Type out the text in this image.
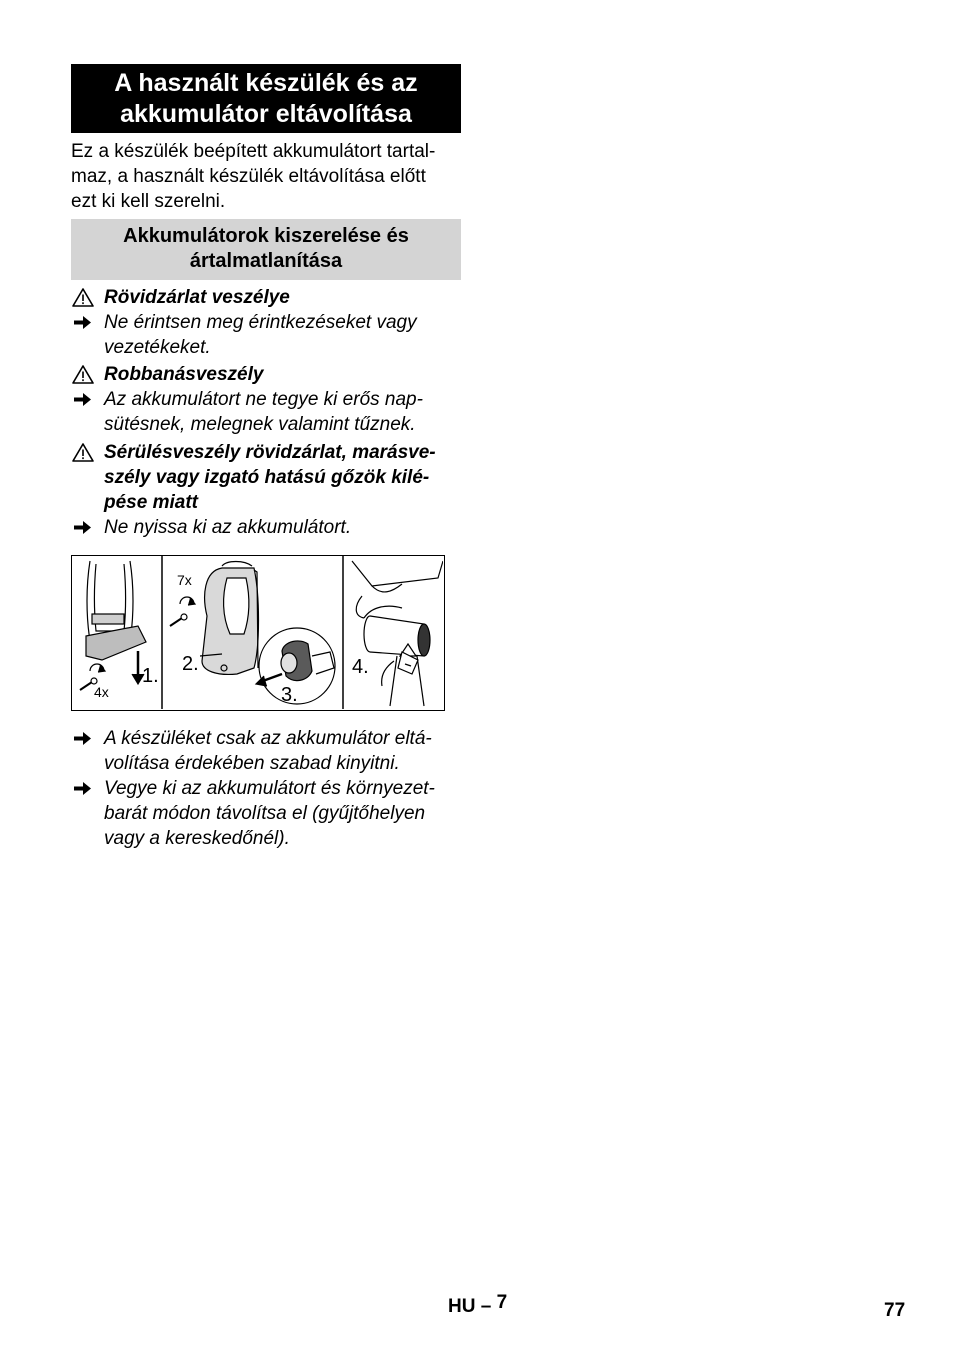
A használt készülék és az
akkumulátor eltávolítása
Ez a készülék beépített akkumulátort tartal-
maz, a használt készülék eltávolítása előtt
ezt ki kell szerelni.
Akkumulátorok kiszerelése és
ártalmatlanítása
Rövidzárlat veszélye
Ne érintsen meg érintkezéseket vagy
vezetékeket.
Robbanásveszély
Az akkumulátort ne tegye ki erős nap-
sütésnek, melegnek valamint tűznek.
Sérülésveszély rövidzárlat, marásve-
szély vagy izgató hatású gőzök kilé-
pése miatt
Ne nyissa ki az akkumulátort.
4x
7x
1.
2.
3.
4.
A készüléket csak az akkumulátor eltá-
volítása érdekében szabad kinyitni.
Vegye ki az akkumulátort és környezet-
barát módon távolítsa el (gyűjtőhelyen
vagy a kereskedőnél).
HU – 7	77
